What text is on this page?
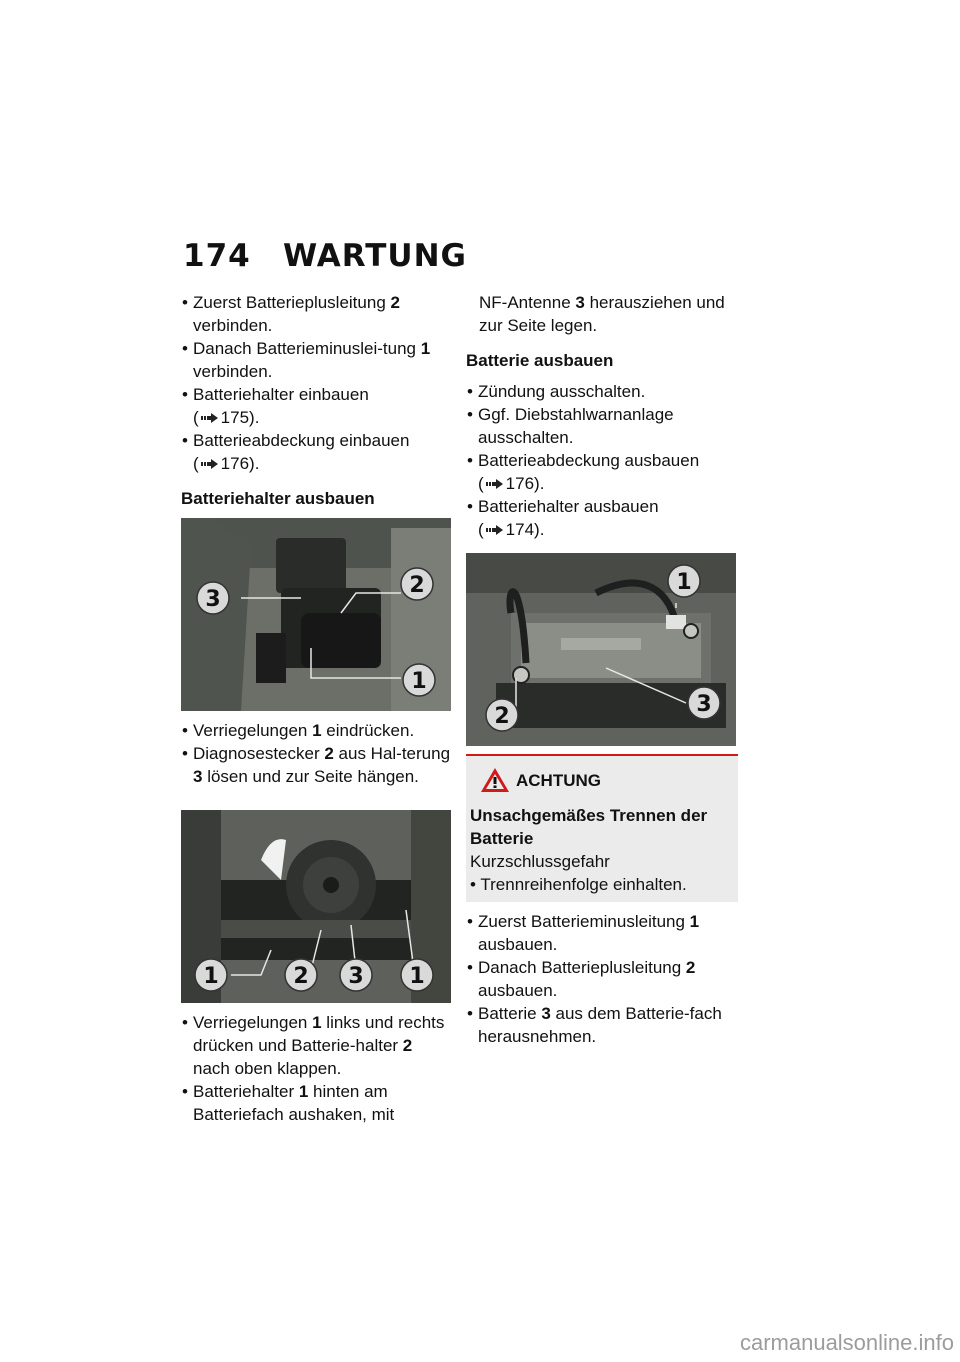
174 WARTUNG

• Zuerst Batterieplusleitung 2
verbinden.

• Danach Batterieminuslei-tung 1 verbinden.

• Batteriehalter einbauen
( 175).

• Batterieabdeckung einbauen
( 176).

Batteriehalter ausbauen
3
2
1

• Verriegelungen 1 eindrücken.

• Diagnosestecker 2 aus Hal-terung 3 lösen und zur Seite hängen.

1	2 3 1

• Verriegelungen 1 links und rechts drücken und Batterie-halter 2 nach oben klappen.

• Batteriehalter 1 hinten am Batteriefach aushaken, mit

NF-Antenne 3 herausziehen und zur Seite legen.

Batterie ausbauen

• Zündung ausschalten.

• Ggf. Diebstahlwarnanlage ausschalten.

• Batterieabdeckung ausbauen
( 176).

• Batteriehalter ausbauen
( 174).

1
2	3
ACHTUNG
Unsachgemäßes Trennen der Batterie
Kurzschlussgefahr
• Trennreihenfolge einhalten.

• Zuerst Batterieminusleitung 1
ausbauen.

• Danach Batterieplusleitung 2
ausbauen.

• Batterie 3 aus dem Batterie-fach herausnehmen.

carmanualsonline.info
